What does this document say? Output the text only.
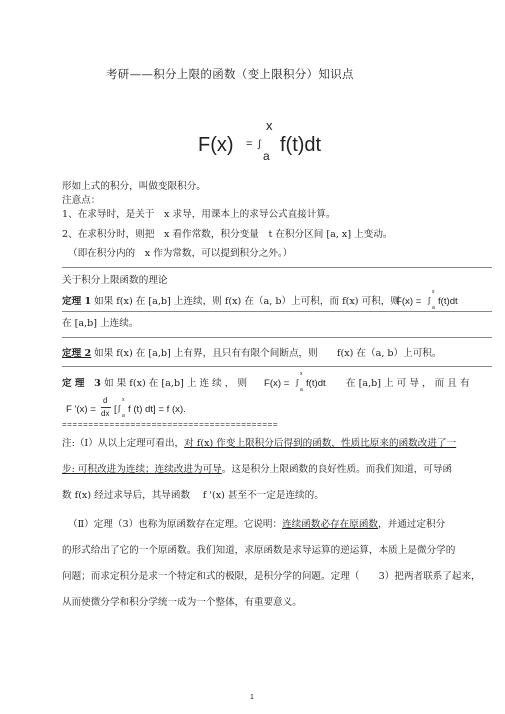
考研——积分上限的函数（变上限积分）知识点
F(x) = ∫
x
a f(t)dt
形如上式的积分，叫做变限积分。
注意点：
1、在求导时，是关于　x 求导，用课本上的求导公式直接计算。
2、在求积分时，则把　x 看作常数，积分变量　t 在积分区间 [a, x] 上变动。
（即在积分内的　x 作为常数，可以提到积分之外。）
关于积分上限函数的理论
定理 1 如果 f(x) 在 [a,b] 上连续，则 f(x) 在（a, b）上可积，而 f(x) 可积，则
F(x) = ∫
x
a
f(t)dt
在 [a,b] 上连续。
定理 2 如果 f(x) 在 [a,b] 上有界，且只有有限个间断点，则　　f(x) 在（a, b）上可积。
定 理　3 如 果 f(x) 在 [a,b] 上 连 续 ， 则 F(x) = ∫
x
a
f(t)dt 在 [a,b] 上 可 导 ， 而 且 有
F '(x) =
d
dx [ ∫
x
a
f (t) dt] = f (x).
=========================================
注:（Ⅰ）从以上定理可看出，对 f(x) 作变上限积分后得到的函数，性质比原来的函数改进了一
步: 可积改进为连续；连续改进为可导。这是积分上限函数的良好性质。而我们知道，可导函
数 f(x) 经过求导后，其导函数　 f '(x) 甚至不一定是连续的。
（Ⅱ）定理（3）也称为原函数存在定理。它说明：连续函数必存在原函数，并通过定积分
的形式给出了它的一个原函数。我们知道，求原函数是求导运算的逆运算，本质上是微分学的
问题；而求定积分是求一个特定和式的极限，是积分学的问题。定理（　　3）把两者联系了起来，
从而使微分学和积分学统一成为一个整体，有重要意义。
1
